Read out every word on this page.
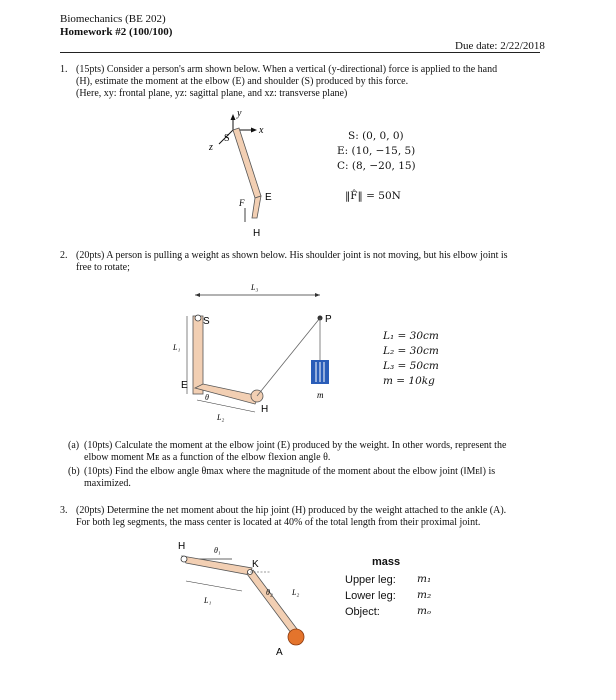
Biomechanics (BE 202)
Homework #2 (100/100)
Due date: 2/22/2018
1. (15pts) Consider a person's arm shown below. When a vertical (y-directional) force is applied to the hand
(H), estimate the moment at the elbow (E) and shoulder (S) produced by this force.
(Here, xy: frontal plane, yz: sagittal plane, and xz: transverse plane)
y
x
z
S
E
H
F
S: (0, 0, 0)
E: (10, −15, 5)
C: (8, −20, 15)
‖F̂‖ = 50N
2. (20pts) A person is pulling a weight as shown below. His shoulder joint is not moving, but his elbow joint is
free to rotate;
L₃
S
L₁
E
θ
L₂
H
P
m
L₁ = 30cm
L₂ = 30cm
L₃ = 50cm
m = 10kg
(a) (10pts) Calculate the moment at the elbow joint (E) produced by the weight. In other words, represent the
elbow moment Mᴇ as a function of the elbow flexion angle θ.
(b) (10pts) Find the elbow angle θmax where the magnitude of the moment about the elbow joint (‖Mᴇ‖) is
maximized.
3. (20pts) Determine the net moment about the hip joint (H) produced by the weight attached to the ankle (A).
For both leg segments, the mass center is located at 40% of the total length from their proximal joint.
H	θ₁
K
L₁
θ₂ L₂
A
mass
Upper leg: m₁
Lower leg: m₂
Object:	mₒ
